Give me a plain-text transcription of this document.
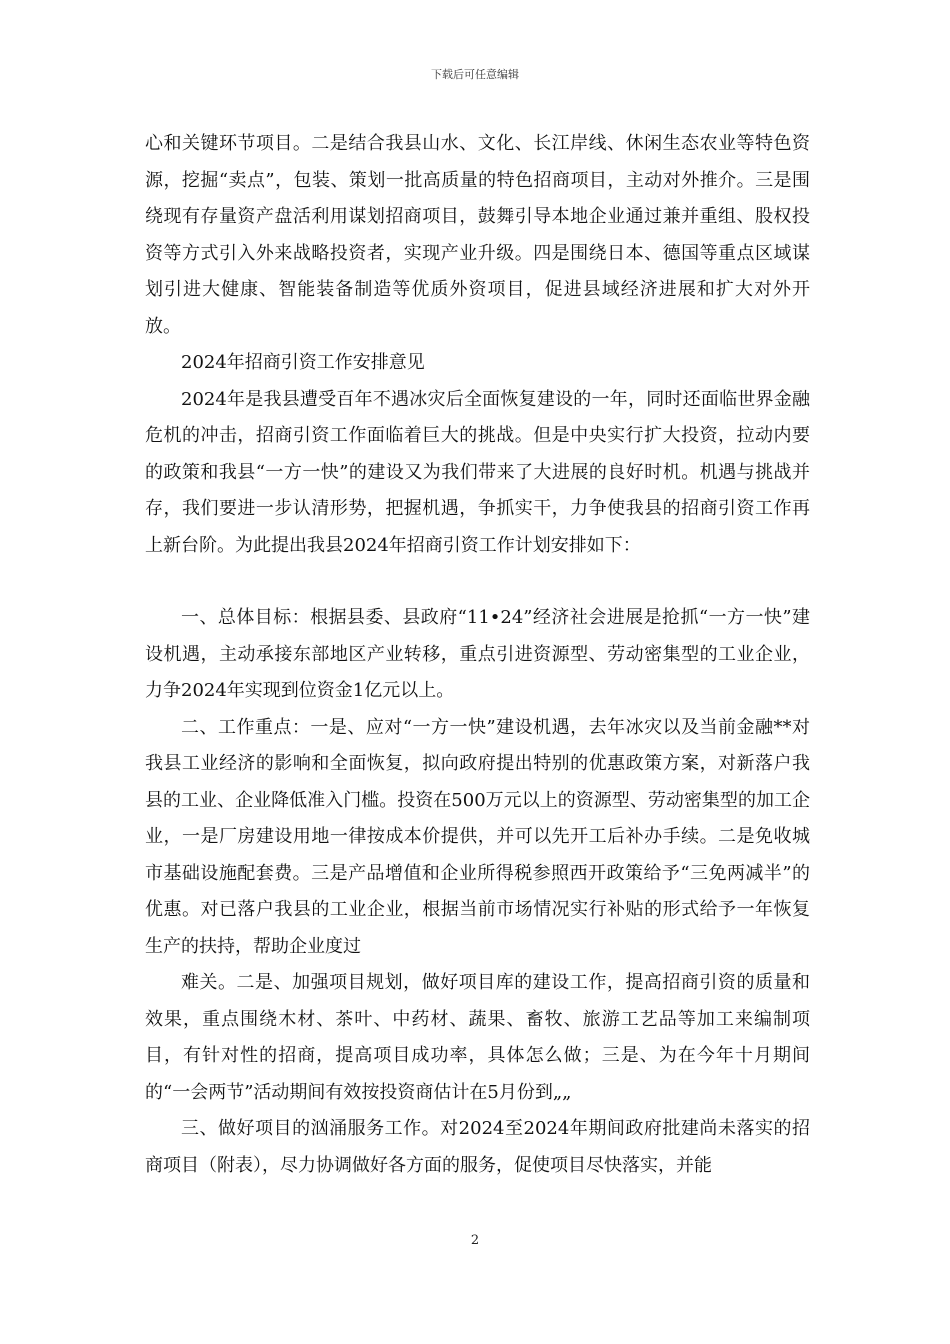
下载后可任意编辑

心和关键环节项目。二是结合我县山水、文化、长江岸线、休闲生态农业等特色资源，挖掘“卖点”，包装、策划一批高质量的特色招商项目，主动对外推介。三是围绕现有存量资产盘活利用谋划招商项目，鼓舞引导本地企业通过兼并重组、股权投资等方式引入外来战略投资者，实现产业升级。四是围绕日本、德国等重点区域谋划引进大健康、智能装备制造等优质外资项目，促进县域经济进展和扩大对外开放。

2024年招商引资工作安排意见

2024年是我县遭受百年不遇冰灾后全面恢复建设的一年，同时还面临世界金融危机的冲击，招商引资工作面临着巨大的挑战。但是中央实行扩大投资，拉动内要的政策和我县“一方一快”的建设又为我们带来了大进展的良好时机。机遇与挑战并存，我们要进一步认清形势，把握机遇，争抓实干，力争使我县的招商引资工作再上新台阶。为此提出我县2024年招商引资工作计划安排如下：

一、总体目标：根据县委、县政府“11•24”经济社会进展是抢抓“一方一快”建设机遇，主动承接东部地区产业转移，重点引进资源型、劳动密集型的工业企业，力争2024年实现到位资金1亿元以上。

二、工作重点：一是、应对“一方一快”建设机遇，去年冰灾以及当前金融**对我县工业经济的影响和全面恢复，拟向政府提出特别的优惠政策方案，对新落户我县的工业、企业降低准入门槛。投资在500万元以上的资源型、劳动密集型的加工企业，一是厂房建设用地一律按成本价提供，并可以先开工后补办手续。二是免收城市基础设施配套费。三是产品增值和企业所得税参照西开政策给予“三免两减半”的优惠。对已落户我县的工业企业，根据当前市场情况实行补贴的形式给予一年恢复生产的扶持，帮助企业度过

难关。二是、加强项目规划，做好项目库的建设工作，提高招商引资的质量和效果，重点围绕木材、茶叶、中药材、蔬果、畜牧、旅游工艺品等加工来编制项目，有针对性的招商，提高项目成功率，具体怎么做；三是、为在今年十月期间的“一会两节”活动期间有效按投资商估计在5月份到„„

三、做好项目的汹涌服务工作。对2024至2024年期间政府批建尚未落实的招商项目（附表），尽力协调做好各方面的服务，促使项目尽快落实，并能

2
